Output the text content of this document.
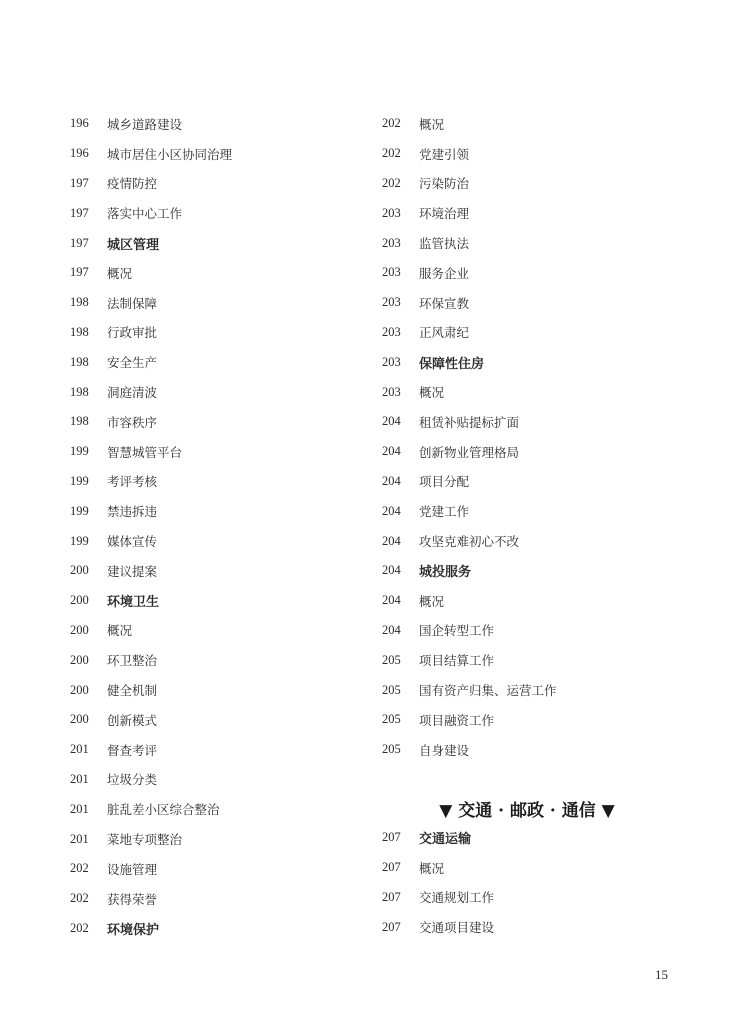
196	城乡道路建设
196	城市居住小区协同治理
197	疫情防控
197	落实中心工作
197	城区管理
197	概况
198	法制保障
198	行政审批
198	安全生产
198	洞庭清波
198	市容秩序
199	智慧城管平台
199	考评考核
199	禁违拆违
199	媒体宣传
200	建议提案
200	环境卫生
200	概况
200	环卫整治
200	健全机制
200	创新模式
201	督查考评
201	垃圾分类
201	脏乱差小区综合整治
201	菜地专项整治
202	设施管理
202	获得荣誉
202	环境保护
202	概况
202	党建引领
202	污染防治
203	环境治理
203	监管执法
203	服务企业
203	环保宣教
203	正风肃纪
203	保障性住房
203	概况
204	租赁补贴提标扩面
204	创新物业管理格局
204	项目分配
204	党建工作
204	攻坚克难初心不改
204	城投服务
204	概况
204	国企转型工作
205	项目结算工作
205	国有资产归集、运营工作
205	项目融资工作
205	自身建设
▼ 交通 · 邮政 · 通信 ▼
207	交通运输
207	概况
207	交通规划工作
207	交通项目建设
15
